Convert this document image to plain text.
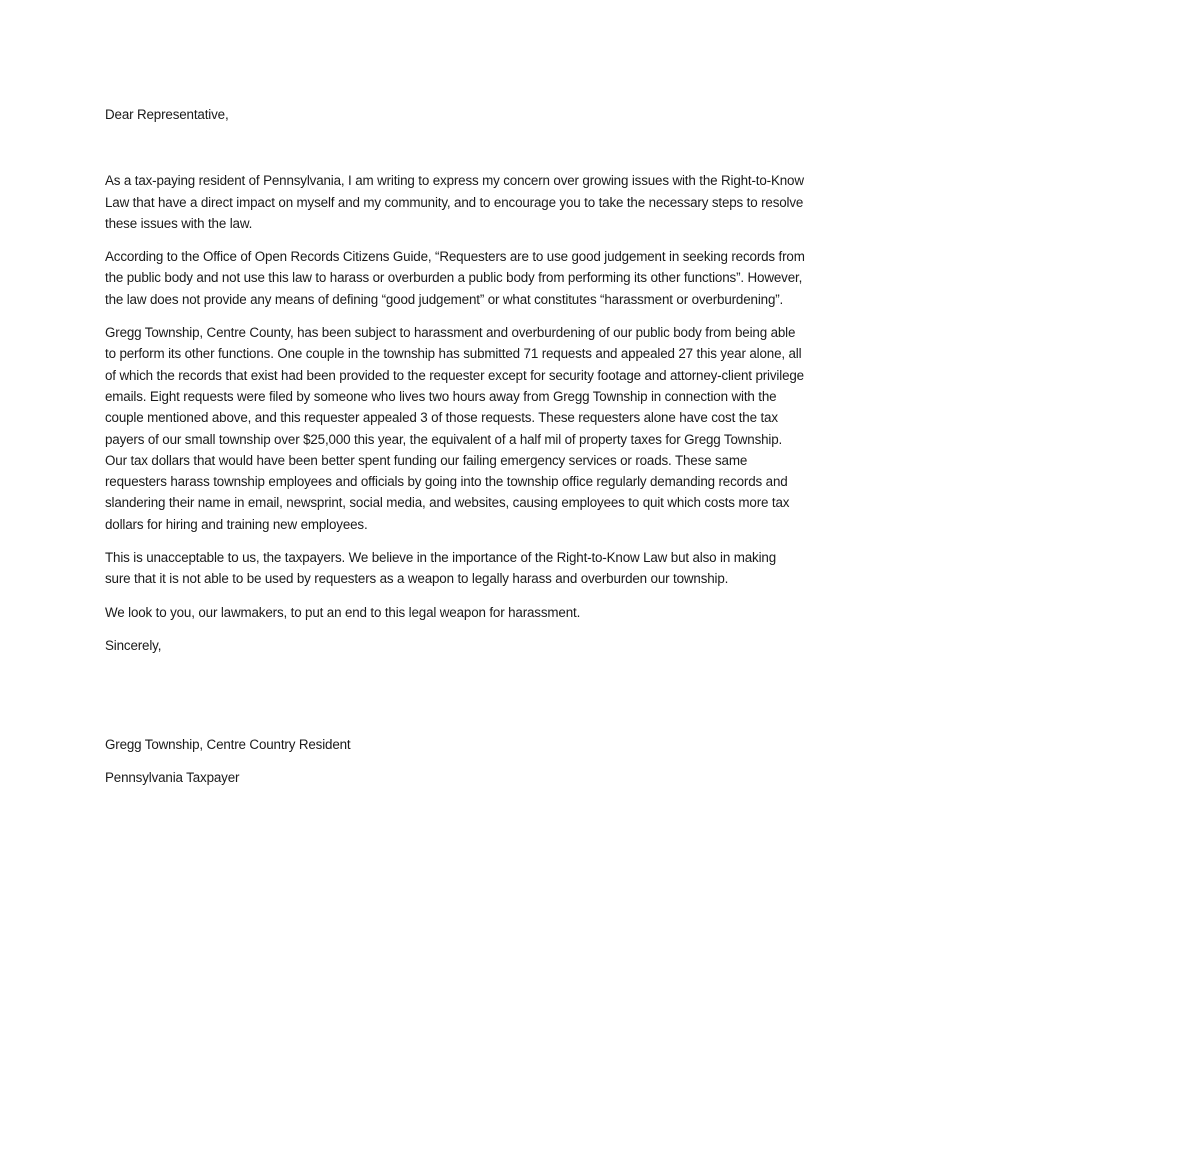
Dear Representative,

As a tax-paying resident of Pennsylvania, I am writing to express my concern over growing issues with the Right-to-Know Law that have a direct impact on myself and my community, and to encourage you to take the necessary steps to resolve these issues with the law.

According to the Office of Open Records Citizens Guide, “Requesters are to use good judgement in seeking records from the public body and not use this law to harass or overburden a public body from performing its other functions”. However, the law does not provide any means of defining “good judgement” or what constitutes “harassment or overburdening”.

Gregg Township, Centre County, has been subject to harassment and overburdening of our public body from being able to perform its other functions. One couple in the township has submitted 71 requests and appealed 27 this year alone, all of which the records that exist had been provided to the requester except for security footage and attorney-client privilege emails. Eight requests were filed by someone who lives two hours away from Gregg Township in connection with the couple mentioned above, and this requester appealed 3 of those requests. These requesters alone have cost the tax payers of our small township over $25,000 this year, the equivalent of a half mil of property taxes for Gregg Township. Our tax dollars that would have been better spent funding our failing emergency services or roads. These same requesters harass township employees and officials by going into the township office regularly demanding records and slandering their name in email, newsprint, social media, and websites, causing employees to quit which costs more tax dollars for hiring and training new employees.

This is unacceptable to us, the taxpayers. We believe in the importance of the Right-to-Know Law but also in making sure that it is not able to be used by requesters as a weapon to legally harass and overburden our township.

We look to you, our lawmakers, to put an end to this legal weapon for harassment.

Sincerely,

Gregg Township, Centre Country Resident

Pennsylvania Taxpayer
